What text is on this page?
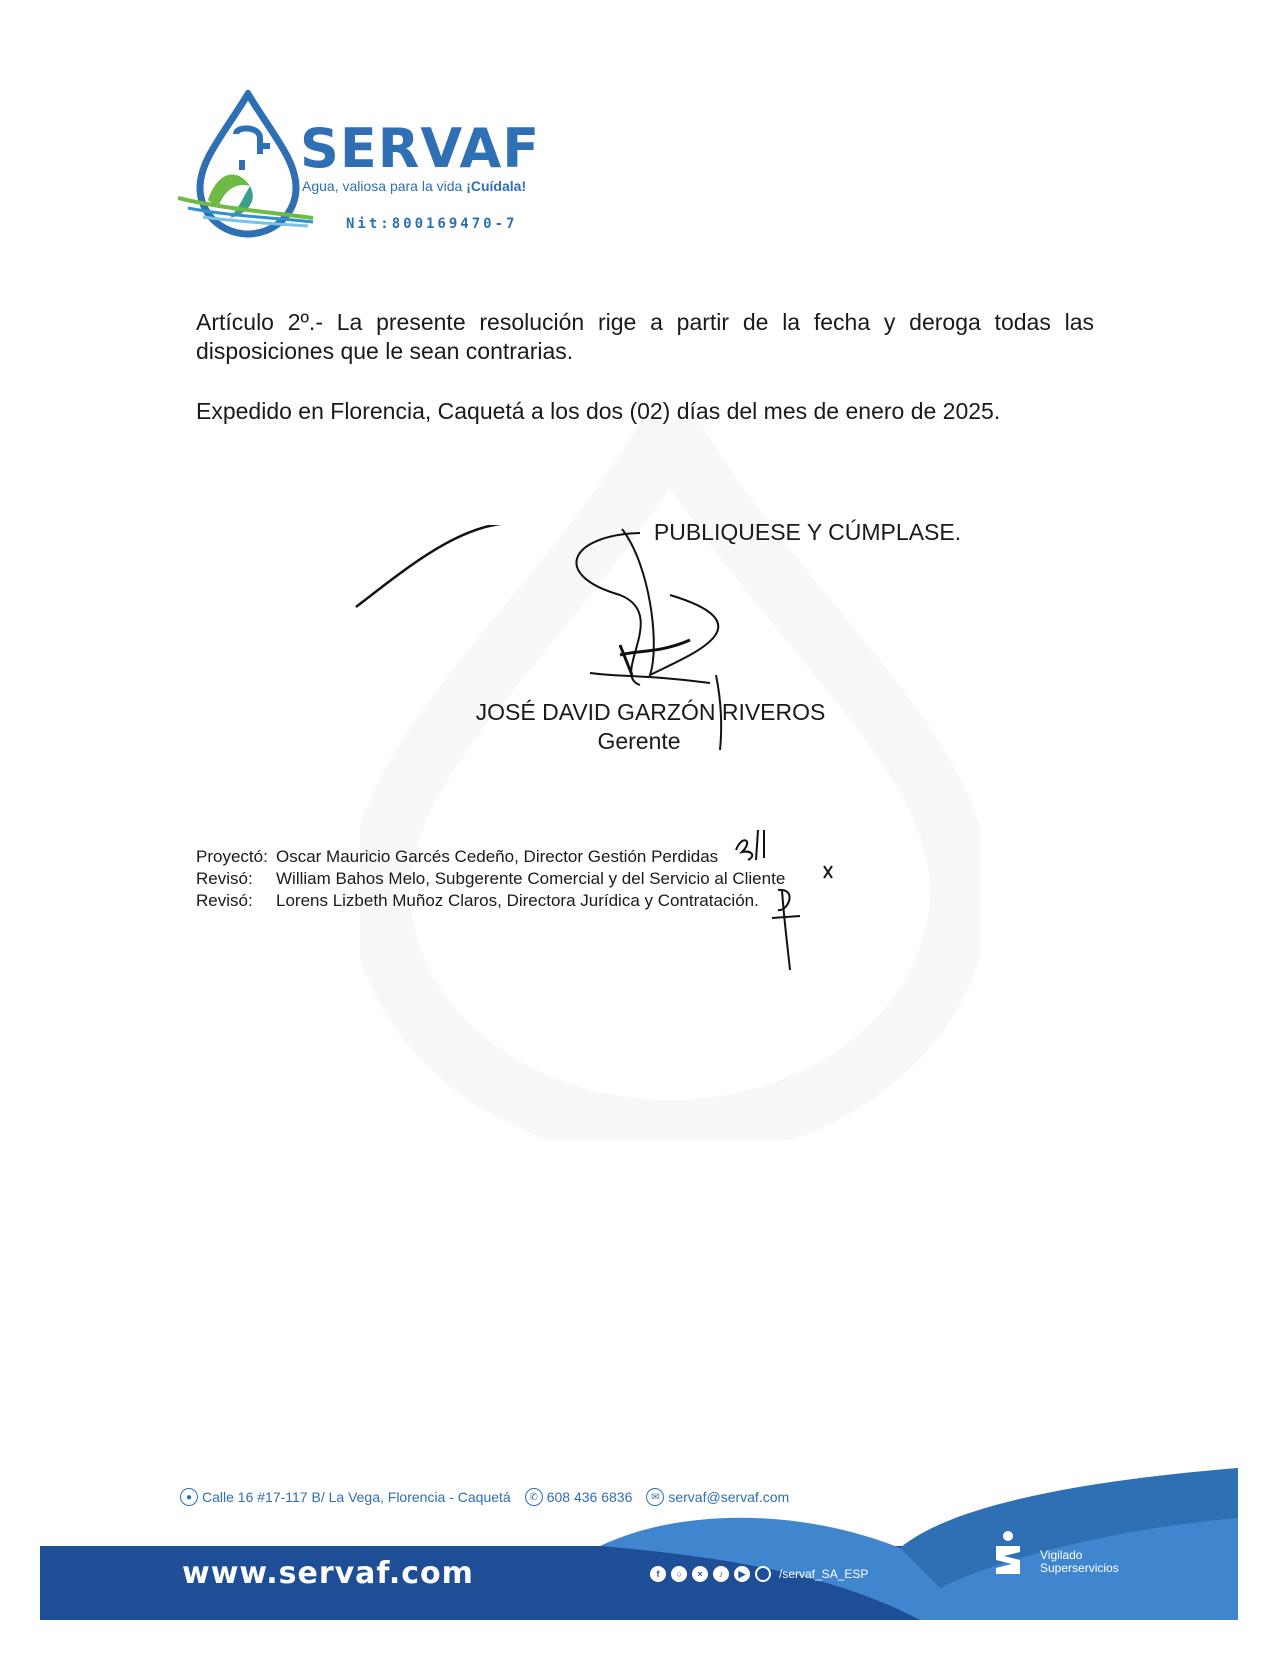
SERVAF
Agua, valiosa para la vida ¡Cuídala!
Nit:800169470-7

Artículo 2º.- La presente resolución rige a partir de la fecha y deroga todas las disposiciones que le sean contrarias.

Expedido en Florencia, Caquetá a los dos (02) días del mes de enero de 2025.

PUBLIQUESE Y CÚMPLASE.
JOSÉ DAVID GARZÓN RIVEROS
Gerente
Proyectó: Oscar Mauricio Garcés Cedeño, Director Gestión Perdidas
Revisó:	William Bahos Melo, Subgerente Comercial y del Servicio al Cliente
Revisó:	Lorens Lizbeth Muñoz Claros, Directora Jurídica y Contratación.
● Calle 16 #17-117 B/ La Vega, Florencia - Caquetá	✆ 608 436 6836	✉ servaf@servaf.com
www.servaf.com	f	○	×	♪	▶	/servaf_SA_ESP
Vigilado
Superservicios
